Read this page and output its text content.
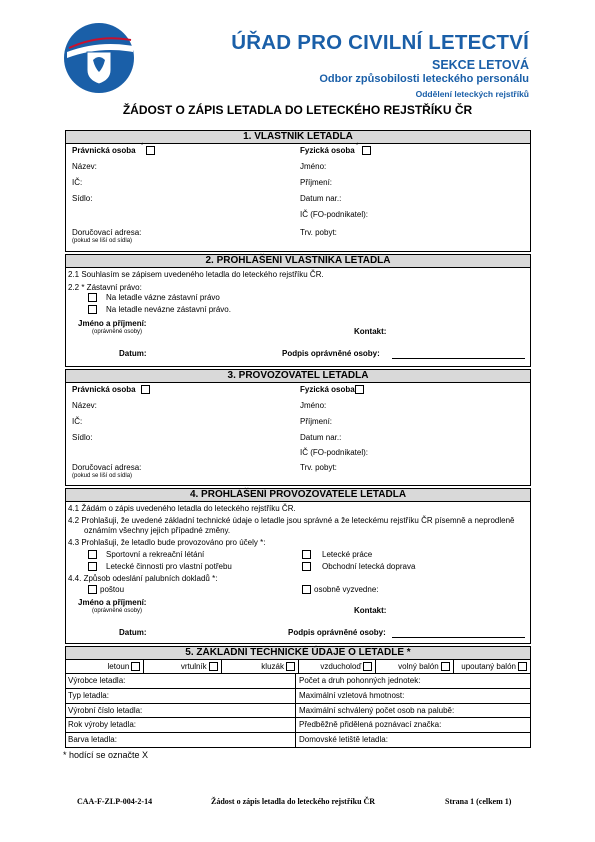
ÚŘAD PRO CIVILNÍ LETECTVÍ
SEKCE LETOVÁ
Odbor způsobilosti leteckého personálu
Oddělení leteckých rejstříků
ŽÁDOST O ZÁPIS LETADLA DO LETECKÉHO REJSTŘÍKU ČR
1. VLASTNÍK LETADLA
Právnická osoba *	Fyzická osoba *
Název:
IČ:
Sídlo:
Doručovací adresa:
(pokud se liší od sídla)
Jméno:
Příjmení:
Datum nar.:
IČ (FO-podnikatel):
Trv. pobyt:
2. PROHLÁŠENÍ VLASTNÍKA LETADLA
2.1 Souhlasím se zápisem uvedeného letadla do leteckého rejstříku ČR.
2.2 * Zástavní právo:
Na letadle vázne zástavní právo
Na letadle nevázne zástavní právo.
Jméno a příjmení:
(oprávněné osoby)	Kontakt:
Datum:	Podpis oprávněné osoby:
3. PROVOZOVATEL LETADLA
Právnická osoba	Fyzická osoba
Název:
IČ:
Sídlo:
Doručovací adresa:
(pokud se liší od sídla)
Jméno:
Příjmení:
Datum nar.:
IČ (FO-podnikatel):
Trv. pobyt:
4. PROHLÁŠENÍ PROVOZOVATELE LETADLA
4.1 Žádám o zápis uvedeného letadla do leteckého rejstříku ČR.
4.2 Prohlašuji, že uvedené základní technické údaje o letadle jsou správné a že leteckému rejstříku ČR písemně a neprodleně
oznámím všechny jejich případné změny.
4.3 Prohlašuji, že letadlo bude provozováno pro účely *:
Sportovní a rekreační létání
Letecké činnosti pro vlastní potřebu
Letecké práce
Obchodní letecká doprava
4.4. Způsob odeslání palubních dokladů *:
poštou	osobně vyzvedne:
Jméno a příjmení:
(oprávněné osoby)	Kontakt:
Datum:	Podpis oprávněné osoby:
5. ZÁKLADNÍ TECHNICKÉ ÚDAJE O LETADLE *
letoun	vrtulník	kluzák	vzducholoď	volný balón	upoutaný balón
Výrobce letadla:	Počet a druh pohonných jednotek:
Typ letadla:	Maximální vzletová hmotnost:
Výrobní číslo letadla:	Maximální schválený počet osob na palubě:
Rok výroby letadla:	Předběžně přidělená poznávací značka:
Barva letadla:	Domovské letiště letadla:
* hodící se označte X
CAA-F-ZLP-004-2-14	Žádost o zápis letadla do leteckého rejstříku ČR	Strana 1 (celkem 1)
